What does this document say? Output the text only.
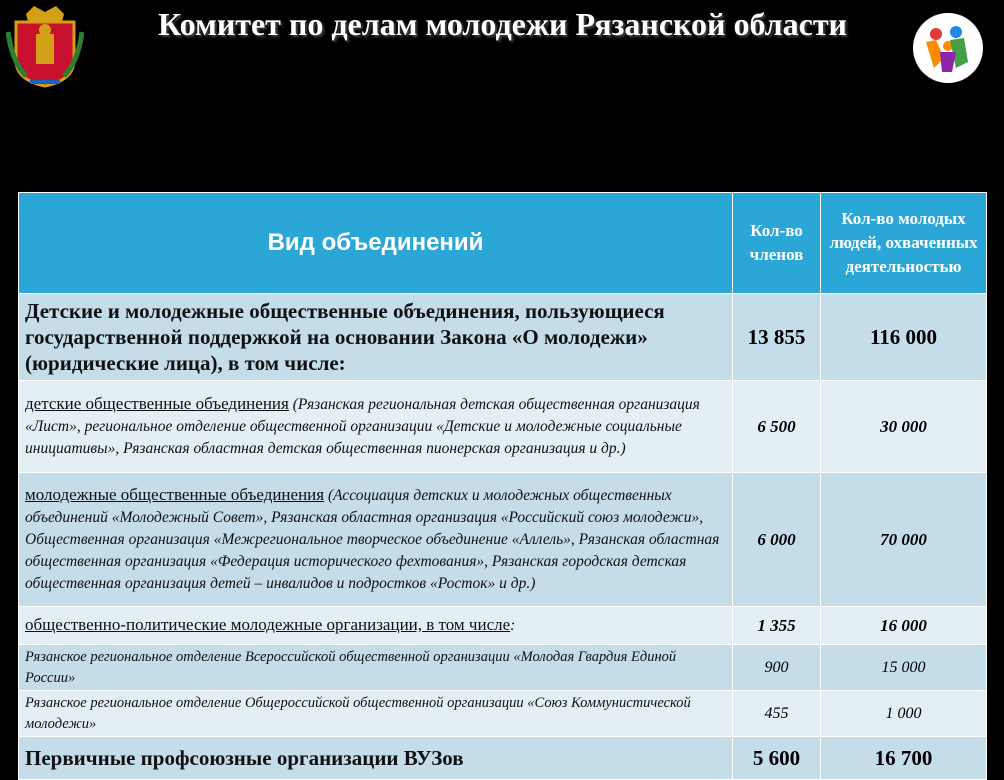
Комитет по делам молодежи Рязанской области
Вид объединений	Кол-во членов	Кол-во молодых людей, охваченных деятельностью
Детские и молодежные общественные объединения, пользующиеся государственной поддержкой на основании Закона «О молодежи» (юридические лица), в том числе:	13 855	116 000
детские общественные объединения (Рязанская региональная детская общественная организация «Лист», региональное отделение общественной организации «Детские и молодежные социальные инициативы», Рязанская областная детская общественная пионерская организация и др.)	6 500	30 000
молодежные общественные объединения (Ассоциация детских и молодежных общественных объединений «Молодежный Совет», Рязанская областная организация «Российский союз молодежи», Общественная организация «Межрегиональное творческое объединение «Аллель», Рязанская областная общественная организация «Федерация исторического фехтования», Рязанская городская детская общественная организация детей – инвалидов и подростков «Росток» и др.)	6 000	70 000
общественно-политические молодежные организации, в том числе:	1 355	16 000
Рязанское региональное отделение Всероссийской общественной организации «Молодая Гвардия Единой России»	900	15 000
Рязанское региональное отделение Общероссийской общественной организации «Союз Коммунистической молодежи»	455	1 000
Первичные профсоюзные организации ВУЗов	5 600	16 700
